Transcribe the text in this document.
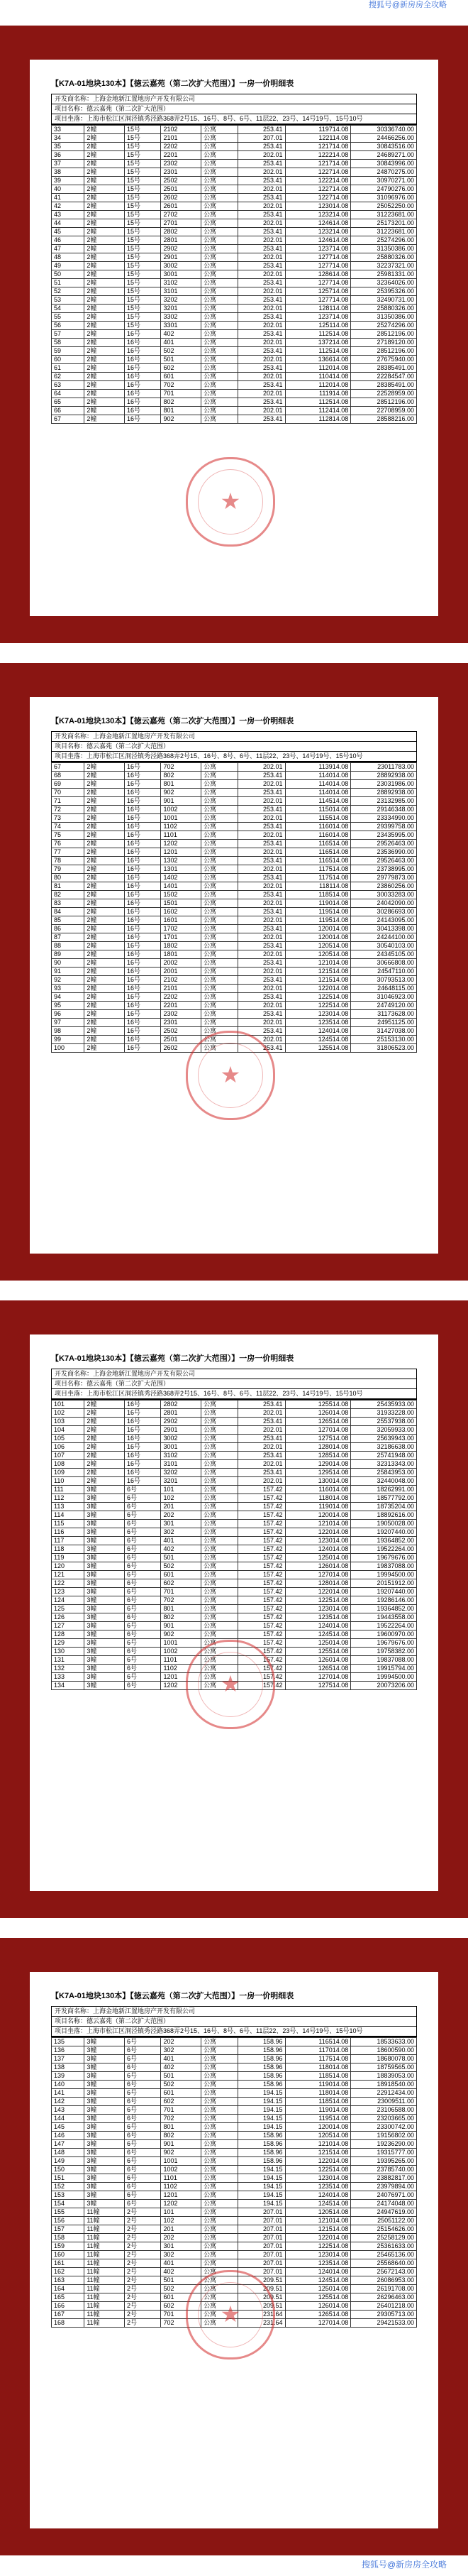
搜狐号@新房房全攻略
【K7A-01地块130本】【徳云嘉苑（第二次扩大范围）】一房一价明细表
开发商名称：上海金地新江置地房产开发有限公司
项目名称：德云嘉苑（第二次扩大范围）
项目坐落：上海市松江区洞泾镇秀泾路368弄2号15、16号、8号、6号、11层22、23号、14号19号、15号10号
33	2幢	15号	2102	公寓	253.41	119714.08	30336740.00
34	2幢	15号	2101	公寓	207.01	122114.08	24466256.00
35	2幢	15号	2202	公寓	253.41	121714.08	30843516.00
36	2幢	15号	2201	公寓	202.01	122214.08	24689271.00
37	2幢	15号	2302	公寓	253.41	121714.08	30843996.00
38	2幢	15号	2301	公寓	202.01	122714.08	24870275.00
39	2幢	15号	2502	公寓	253.41	122214.08	30970271.00
40	2幢	15号	2501	公寓	202.01	122714.08	24790276.00
41	2幢	15号	2602	公寓	253.41	122714.08	31096976.00
42	2幢	15号	2601	公寓	202.01	123014.08	25052250.00
43	2幢	15号	2702	公寓	253.41	123214.08	31223681.00
44	2幢	15号	2701	公寓	202.01	124614.08	25173201.00
45	2幢	15号	2802	公寓	253.41	123214.08	31223681.00
46	2幢	15号	2801	公寓	202.01	124614.08	25274296.00
47	2幢	15号	2902	公寓	253.41	123714.08	31350386.00
48	2幢	15号	2901	公寓	202.01	127714.08	25880326.00
49	2幢	15号	3002	公寓	253.41	127714.08	32237321.00
50	2幢	15号	3001	公寓	202.01	128614.08	25981331.00
51	2幢	15号	3102	公寓	253.41	127714.08	32364026.00
52	2幢	15号	3101	公寓	202.01	125714.08	25395326.00
53	2幢	15号	3202	公寓	253.41	127714.08	32490731.00
54	2幢	15号	3201	公寓	202.01	128114.08	25880326.00
55	2幢	15号	3302	公寓	253.41	123714.08	31350386.00
56	2幢	15号	3301	公寓	202.01	125114.08	25274296.00
57	2幢	16号	402	公寓	253.41	112514.08	28512196.00
58	2幢	16号	401	公寓	202.01	137214.08	27189120.00
59	2幢	16号	502	公寓	253.41	112514.08	28512196.00
60	2幢	16号	501	公寓	202.01	136614.08	27675940.00
61	2幢	16号	602	公寓	253.41	112014.08	28385491.00
62	2幢	16号	601	公寓	202.01	110414.08	22284547.00
63	2幢	16号	702	公寓	253.41	112014.08	28385491.00
64	2幢	16号	701	公寓	202.01	111914.08	22528959.00
65	2幢	16号	802	公寓	253.41	112514.08	28512196.00
66	2幢	16号	801	公寓	202.01	112414.08	22708959.00
67	2幢	16号	902	公寓	253.41	112814.08	28588216.00
★
【K7A-01地块130本】【徳云嘉苑（第二次扩大范围）】一房一价明细表
开发商名称：上海金地新江置地房产开发有限公司
项目名称：德云嘉苑（第二次扩大范围）
项目坐落：上海市松江区洞泾镇秀泾路368弄2号15、16号、8号、6号、11层22、23号、14号19号、15号10号
67	2幢	16号	702	公寓	202.01	113914.08	23011783.00
68	2幢	16号	802	公寓	253.41	114014.08	28892938.00
69	2幢	16号	801	公寓	202.01	114014.08	23031986.00
70	2幢	16号	902	公寓	253.41	114014.08	28892938.00
71	2幢	16号	901	公寓	202.01	114514.08	23132985.00
72	2幢	16号	1002	公寓	253.41	115014.08	29146348.00
73	2幢	16号	1001	公寓	202.01	115514.08	23334990.00
74	2幢	16号	1102	公寓	253.41	116014.08	29399758.00
75	2幢	16号	1101	公寓	202.01	116014.08	23435995.00
76	2幢	16号	1202	公寓	253.41	116514.08	29526463.00
77	2幢	16号	1201	公寓	202.01	116514.08	23536990.00
78	2幢	16号	1302	公寓	253.41	116514.08	29526463.00
79	2幢	16号	1301	公寓	202.01	117514.08	23738995.00
80	2幢	16号	1402	公寓	253.41	117514.08	29779873.00
81	2幢	16号	1401	公寓	202.01	118114.08	23860256.00
82	2幢	16号	1502	公寓	253.41	118514.08	30033283.00
83	2幢	16号	1501	公寓	202.01	119014.08	24042090.00
84	2幢	16号	1602	公寓	253.41	119514.08	30286693.00
85	2幢	16号	1601	公寓	202.01	119514.08	24143095.00
86	2幢	16号	1702	公寓	253.41	120014.08	30413398.00
87	2幢	16号	1701	公寓	202.01	120014.08	24244100.00
88	2幢	16号	1802	公寓	253.41	120514.08	30540103.00
89	2幢	16号	1801	公寓	202.01	120514.08	24345105.00
90	2幢	16号	2002	公寓	253.41	121014.08	30666808.00
91	2幢	16号	2001	公寓	202.01	121514.08	24547110.00
92	2幢	16号	2102	公寓	253.41	121514.08	30793513.00
93	2幢	16号	2101	公寓	202.01	122014.08	24648115.00
94	2幢	16号	2202	公寓	253.41	122514.08	31046923.00
95	2幢	16号	2201	公寓	202.01	122514.08	24749120.00
96	2幢	16号	2302	公寓	253.41	123014.08	31173628.00
97	2幢	16号	2301	公寓	202.01	123514.08	24951125.00
98	2幢	16号	2502	公寓	253.41	124014.08	31427038.00
99	2幢	16号	2501	公寓	202.01	124514.08	25153130.00
100	2幢	16号	2602	公寓	253.41	125514.08	31806523.00
★
【K7A-01地块130本】【徳云嘉苑（第二次扩大范围）】一房一价明细表
开发商名称：上海金地新江置地房产开发有限公司
项目名称：德云嘉苑（第二次扩大范围）
项目坐落：上海市松江区洞泾镇秀泾路368弄2号15、16号、8号、6号、11层22、23号、14号19号、15号10号
101	2幢	16号	2802	公寓	253.41	125514.08	25435933.00
102	2幢	16号	2801	公寓	202.01	126014.08	31933228.00
103	2幢	16号	2902	公寓	253.41	126514.08	25537938.00
104	2幢	16号	2901	公寓	202.01	127014.08	32059933.00
105	2幢	16号	3002	公寓	253.41	127514.08	25639943.00
106	2幢	16号	3001	公寓	202.01	128014.08	32186638.00
107	2幢	16号	3102	公寓	253.41	128514.08	25741948.00
108	2幢	16号	3101	公寓	202.01	129014.08	32313343.00
109	2幢	16号	3202	公寓	253.41	129514.08	25843953.00
110	2幢	16号	3201	公寓	202.01	130014.08	32440048.00
111	3幢	6号	101	公寓	157.42	116014.08	18262991.00
112	3幢	6号	102	公寓	157.42	118014.08	18577792.00
113	3幢	6号	201	公寓	157.42	119014.08	18735204.00
114	3幢	6号	202	公寓	157.42	120014.08	18892616.00
115	3幢	6号	301	公寓	157.42	121014.08	19050028.00
116	3幢	6号	302	公寓	157.42	122014.08	19207440.00
117	3幢	6号	401	公寓	157.42	123014.08	19364852.00
118	3幢	6号	402	公寓	157.42	124014.08	19522264.00
119	3幢	6号	501	公寓	157.42	125014.08	19679676.00
120	3幢	6号	502	公寓	157.42	126014.08	19837088.00
121	3幢	6号	601	公寓	157.42	127014.08	19994500.00
122	3幢	6号	602	公寓	157.42	128014.08	20151912.00
123	3幢	6号	701	公寓	157.42	122014.08	19207440.00
124	3幢	6号	702	公寓	157.42	122514.08	19286146.00
125	3幢	6号	801	公寓	157.42	123014.08	19364852.00
126	3幢	6号	802	公寓	157.42	123514.08	19443558.00
127	3幢	6号	901	公寓	157.42	124014.08	19522264.00
128	3幢	6号	902	公寓	157.42	124514.08	19600970.00
129	3幢	6号	1001	公寓	157.42	125014.08	19679676.00
130	3幢	6号	1002	公寓	157.42	125514.08	19758382.00
131	3幢	6号	1101	公寓	157.42	126014.08	19837088.00
132	3幢	6号	1102	公寓	157.42	126514.08	19915794.00
133	3幢	6号	1201	公寓	157.42	127014.08	19994500.00
134	3幢	6号	1202	公寓	157.42	127514.08	20073206.00
★
【K7A-01地块130本】【徳云嘉苑（第二次扩大范围）】一房一价明细表
开发商名称：上海金地新江置地房产开发有限公司
项目名称：德云嘉苑（第二次扩大范围）
项目坐落：上海市松江区洞泾镇秀泾路368弄2号15、16号、8号、6号、11层22、23号、14号19号、15号10号
135	3幢	6号	202	公寓	158.96	116514.08	18533633.00
136	3幢	6号	302	公寓	158.96	117014.08	18600590.00
137	3幢	6号	401	公寓	158.96	117514.08	18680078.00
138	3幢	6号	402	公寓	158.96	118014.08	18759565.00
139	3幢	6号	501	公寓	158.96	118514.08	18839053.00
140	3幢	6号	502	公寓	158.96	119014.08	18918540.00
141	3幢	6号	601	公寓	194.15	118014.08	22912434.00
142	3幢	6号	602	公寓	194.15	118514.08	23009511.00
143	3幢	6号	701	公寓	194.15	119014.08	23106588.00
144	3幢	6号	702	公寓	194.15	119514.08	23203665.00
145	3幢	6号	801	公寓	194.15	120014.08	23300742.00
146	3幢	6号	802	公寓	158.96	120514.08	19156802.00
147	3幢	6号	901	公寓	158.96	121014.08	19236290.00
148	3幢	6号	902	公寓	158.96	121514.08	19315777.00
149	3幢	6号	1001	公寓	158.96	122014.08	19395265.00
150	3幢	6号	1002	公寓	194.15	122514.08	23785740.00
151	3幢	6号	1101	公寓	194.15	123014.08	23882817.00
152	3幢	6号	1102	公寓	194.15	123514.08	23979894.00
153	3幢	6号	1201	公寓	194.15	124014.08	24076971.00
154	3幢	6号	1202	公寓	194.15	124514.08	24174048.00
155	11幢	2号	101	公寓	207.01	120514.08	24947619.00
156	11幢	2号	102	公寓	207.01	121014.08	25051122.00
157	11幢	2号	201	公寓	207.01	121514.08	25154626.00
158	11幢	2号	202	公寓	207.01	122014.08	25258129.00
159	11幢	2号	301	公寓	207.01	122514.08	25361633.00
160	11幢	2号	302	公寓	207.01	123014.08	25465136.00
161	11幢	2号	401	公寓	207.01	123514.08	25568640.00
162	11幢	2号	402	公寓	207.01	124014.08	25672143.00
163	11幢	2号	501	公寓	209.51	124514.08	26086953.00
164	11幢	2号	502	公寓	209.51	125014.08	26191708.00
165	11幢	2号	601	公寓	209.51	125514.08	26296463.00
166	11幢	2号	602	公寓	209.51	126014.08	26401218.00
167	11幢	2号	701	公寓	231.64	126514.08	29305713.00
168	11幢	2号	702	公寓	231.64	127014.08	29421533.00
★
搜狐号@新房房全攻略
